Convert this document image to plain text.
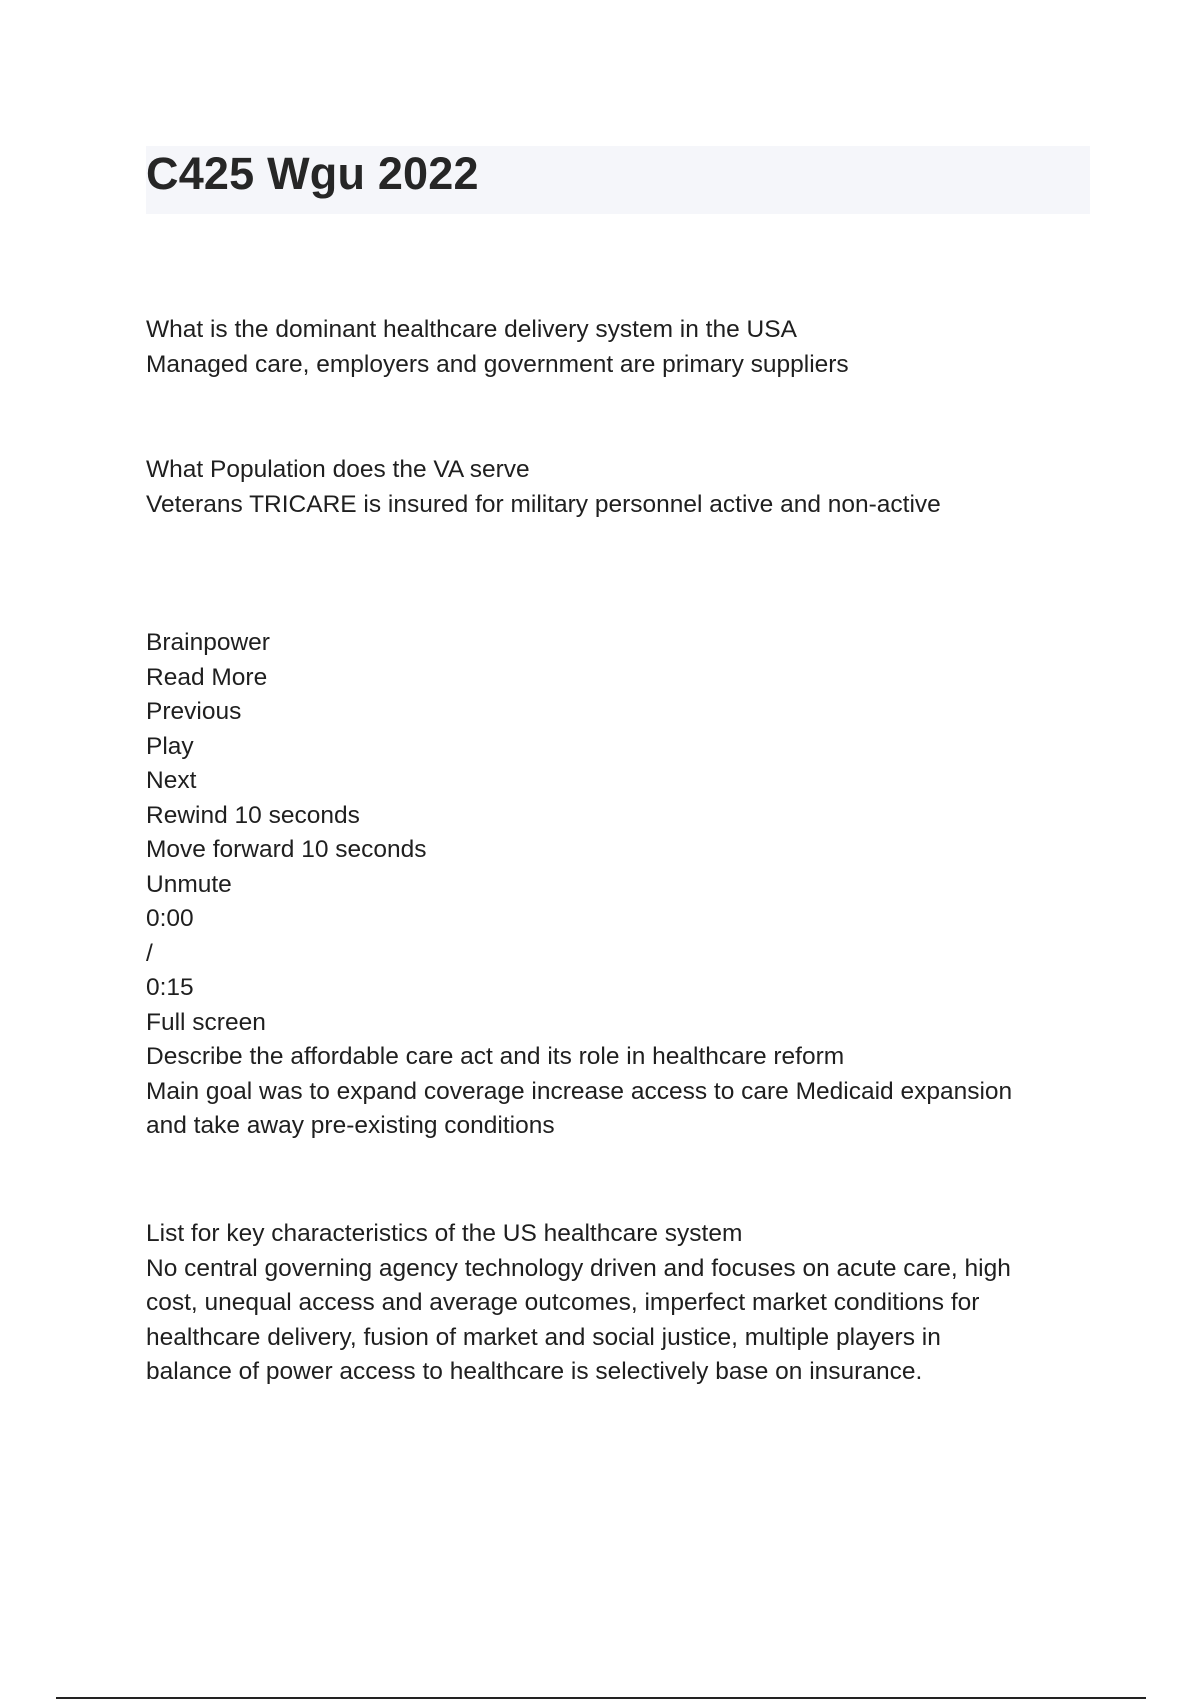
C425 Wgu 2022
What is the dominant healthcare delivery system in the USA
Managed care, employers and government are primary suppliers
What Population does the VA serve
Veterans TRICARE is insured for military personnel active and non-active
Brainpower
Read More
Previous
Play
Next
Rewind 10 seconds
Move forward 10 seconds
Unmute
0:00
/
0:15
Full screen
Describe the affordable care act and its role in healthcare reform
Main goal was to expand coverage increase access to care Medicaid expansion
and take away pre-existing conditions
List for key characteristics of the US healthcare system
No central governing agency technology driven and focuses on acute care, high
cost, unequal access and average outcomes, imperfect market conditions for
healthcare delivery, fusion of market and social justice, multiple players in
balance of power access to healthcare is selectively base on insurance.
